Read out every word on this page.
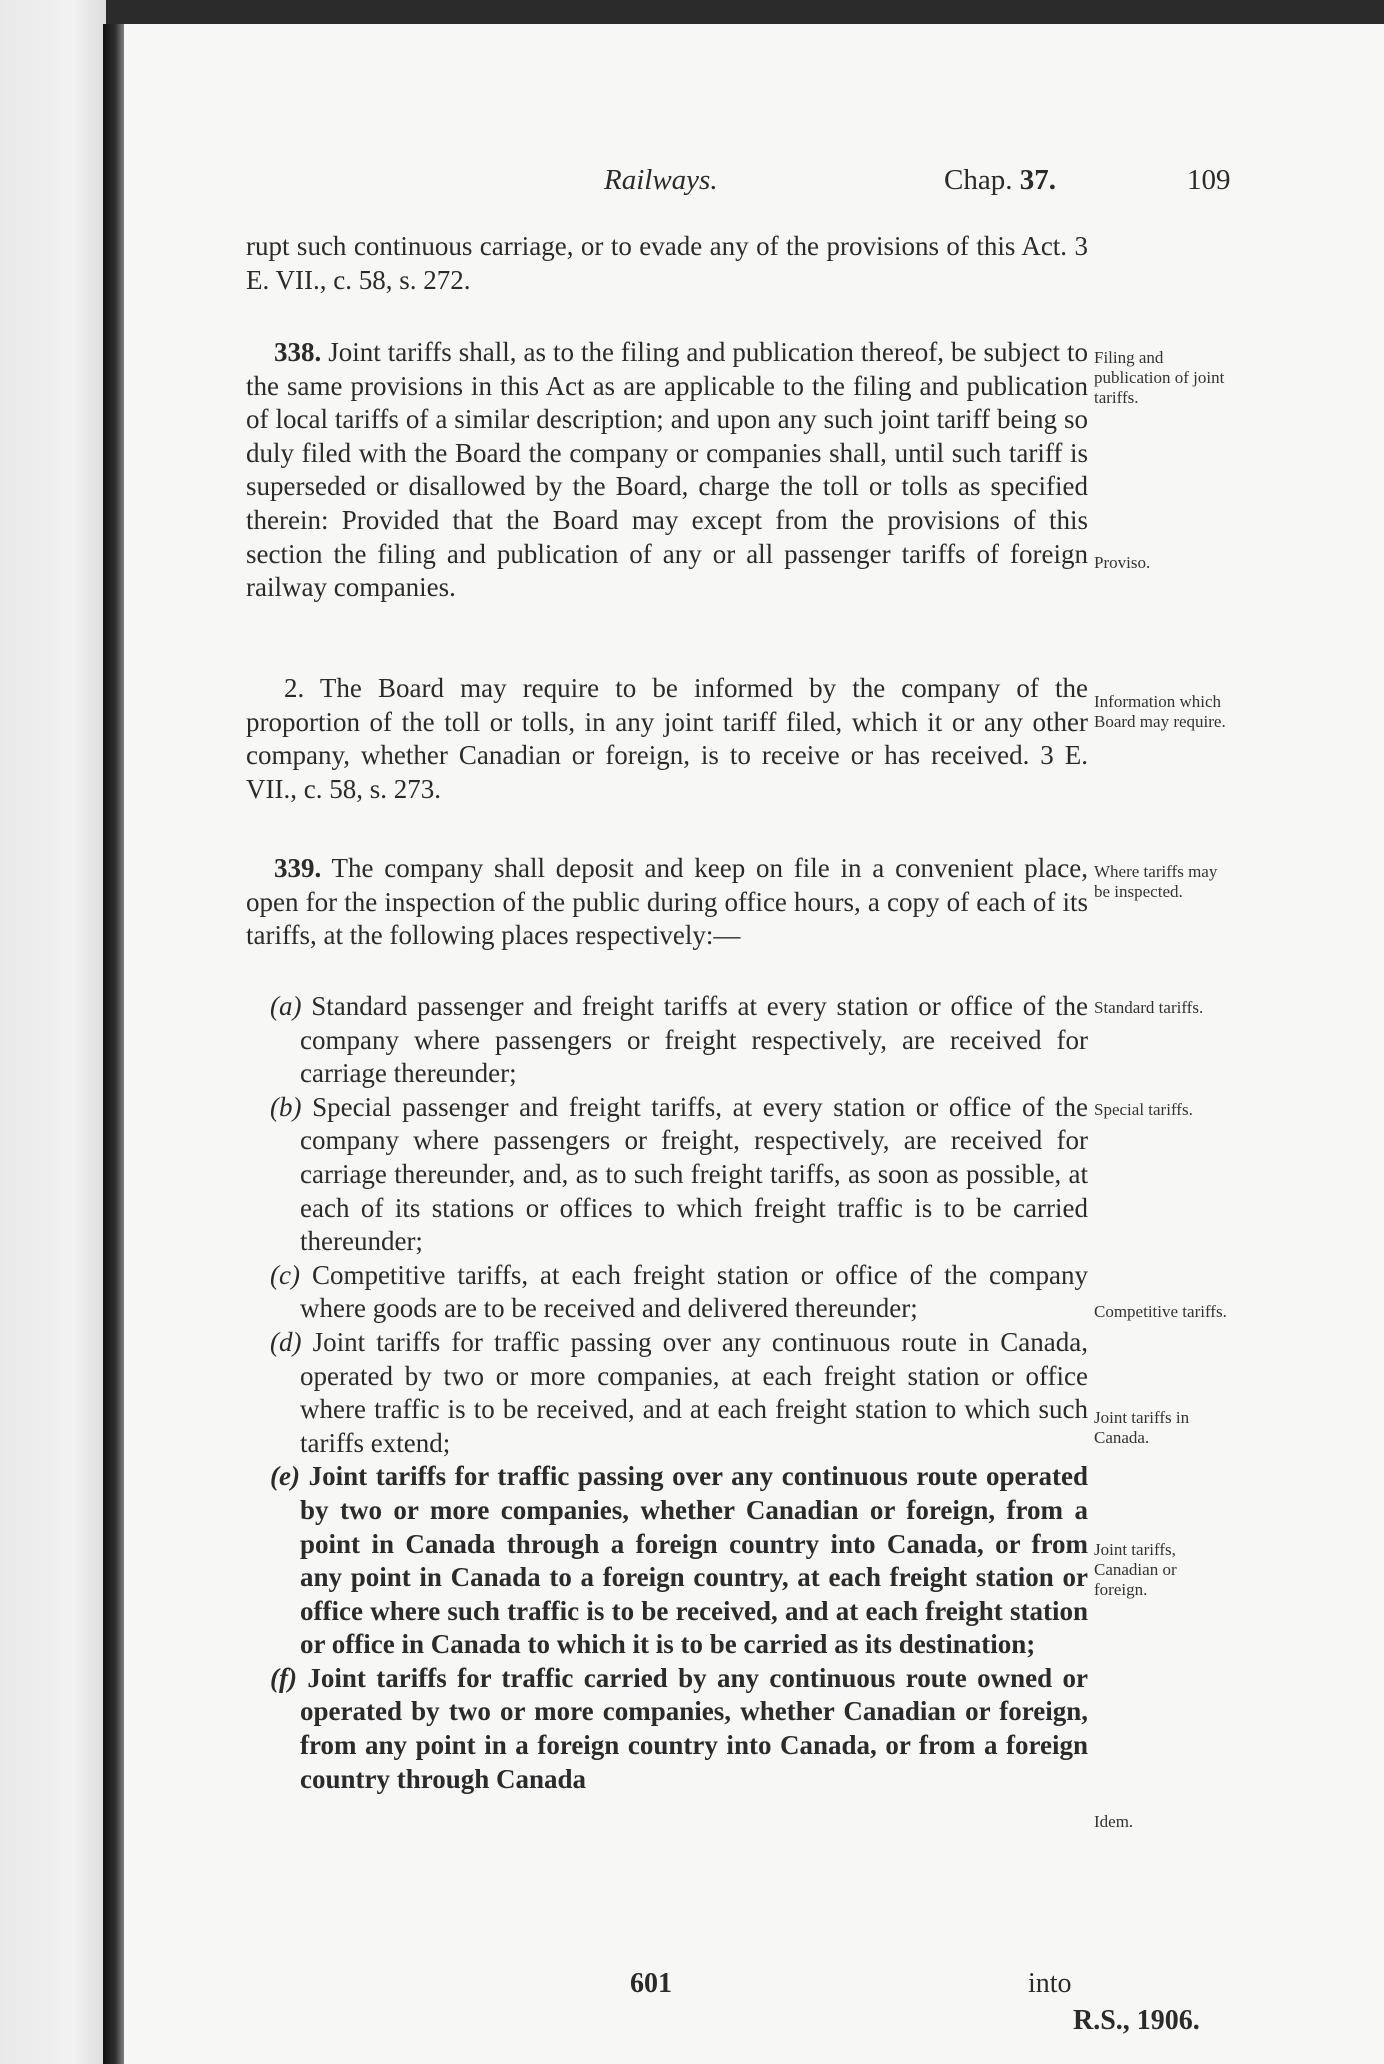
Railways.	Chap. 37.	109

rupt such continuous carriage, or to evade any of the provisions of this Act. 3 E. VII., c. 58, s. 272.

338. Joint tariffs shall, as to the filing and publication thereof, be subject to the same provisions in this Act as are applicable to the filing and publication of local tariffs of a similar description; and upon any such joint tariff being so duly filed with the Board the company or companies shall, until such tariff is superseded or disallowed by the Board, charge the toll or tolls as specified therein: Provided that the Board may except from the provisions of this section the filing and publication of any or all passenger tariffs of foreign railway companies.

2. The Board may require to be informed by the company of the proportion of the toll or tolls, in any joint tariff filed, which it or any other company, whether Canadian or foreign, is to receive or has received. 3 E. VII., c. 58, s. 273.

339. The company shall deposit and keep on file in a convenient place, open for the inspection of the public during office hours, a copy of each of its tariffs, at the following places respectively:—

(a) Standard passenger and freight tariffs at every station or office of the company where passengers or freight respectively, are received for carriage thereunder;
(b) Special passenger and freight tariffs, at every station or office of the company where passengers or freight, respectively, are received for carriage thereunder, and, as to such freight tariffs, as soon as possible, at each of its stations or offices to which freight traffic is to be carried thereunder;
(c) Competitive tariffs, at each freight station or office of the company where goods are to be received and delivered thereunder;
(d) Joint tariffs for traffic passing over any continuous route in Canada, operated by two or more companies, at each freight station or office where traffic is to be received, and at each freight station to which such tariffs extend;
(e) Joint tariffs for traffic passing over any continuous route operated by two or more companies, whether Canadian or foreign, from a point in Canada through a foreign country into Canada, or from any point in Canada to a foreign country, at each freight station or office where such traffic is to be received, and at each freight station or office in Canada to which it is to be carried as its destination;
(f) Joint tariffs for traffic carried by any continuous route owned or operated by two or more companies, whether Canadian or foreign, from any point in a foreign country into Canada, or from a foreign country through Canada
Filing and publication of joint tariffs.
Proviso.
Information which Board may require.
Where tariffs may be inspected.
Standard tariffs.
Special tariffs.
Competitive tariffs.
Joint tariffs in Canada.
Joint tariffs, Canadian or foreign.
Idem.
601	into
R.S., 1906.
